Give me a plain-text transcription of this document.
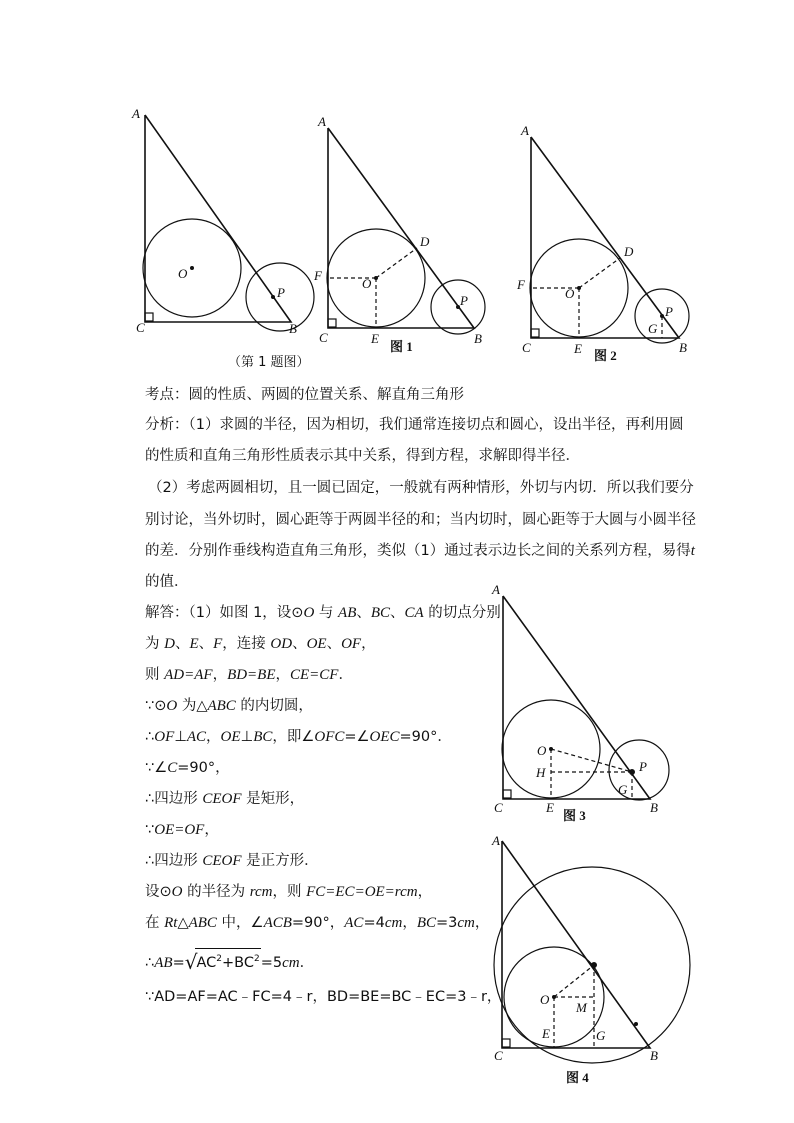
A
C	B
O
P
（第 1 题图）
A
C	B
O
P
D
E
F
图 1
A
C	B
O
P
D
E
F
G
图 2
A
C	B
O
P
E
H
G
图 3
A
C	B
O
E	G
M
图 4
考点：圆的性质、两圆的位置关系、解直角三角形
分析：（1）求圆的半径，因为相切，我们通常连接切点和圆心，设出半径，再利用圆
的性质和直角三角形性质表示其中关系，得到方程，求解即得半径．
（2）考虑两圆相切，且一圆已固定，一般就有两种情形，外切与内切．所以我们要分
别讨论，当外切时，圆心距等于两圆半径的和；当内切时，圆心距等于大圆与小圆半径
的差．分别作垂线构造直角三角形，类似（1）通过表示边长之间的关系列方程，易得t
的值．
解答：（1）如图 1，设⊙O 与 AB、BC、CA 的切点分别
为 D、E、F，连接 OD、OE、OF，
则 AD=AF，BD=BE，CE=CF．
∵⊙O 为△ABC 的内切圆，
∴OF⊥AC，OE⊥BC，即∠OFC=∠OEC=90°．
∵∠C=90°，
∴四边形 CEOF 是矩形，
∵OE=OF，
∴四边形 CEOF 是正方形．
设⊙O 的半径为 rcm，则 FC=EC=OE=rcm，
在 Rt△ABC 中，∠ACB=90°，AC=4cm，BC=3cm，
$\therefore AB=√AC^2+BC^2=5cm$．
∵AD=AF=AC﹣FC=4﹣r，BD=BE=BC﹣EC=3﹣r，
